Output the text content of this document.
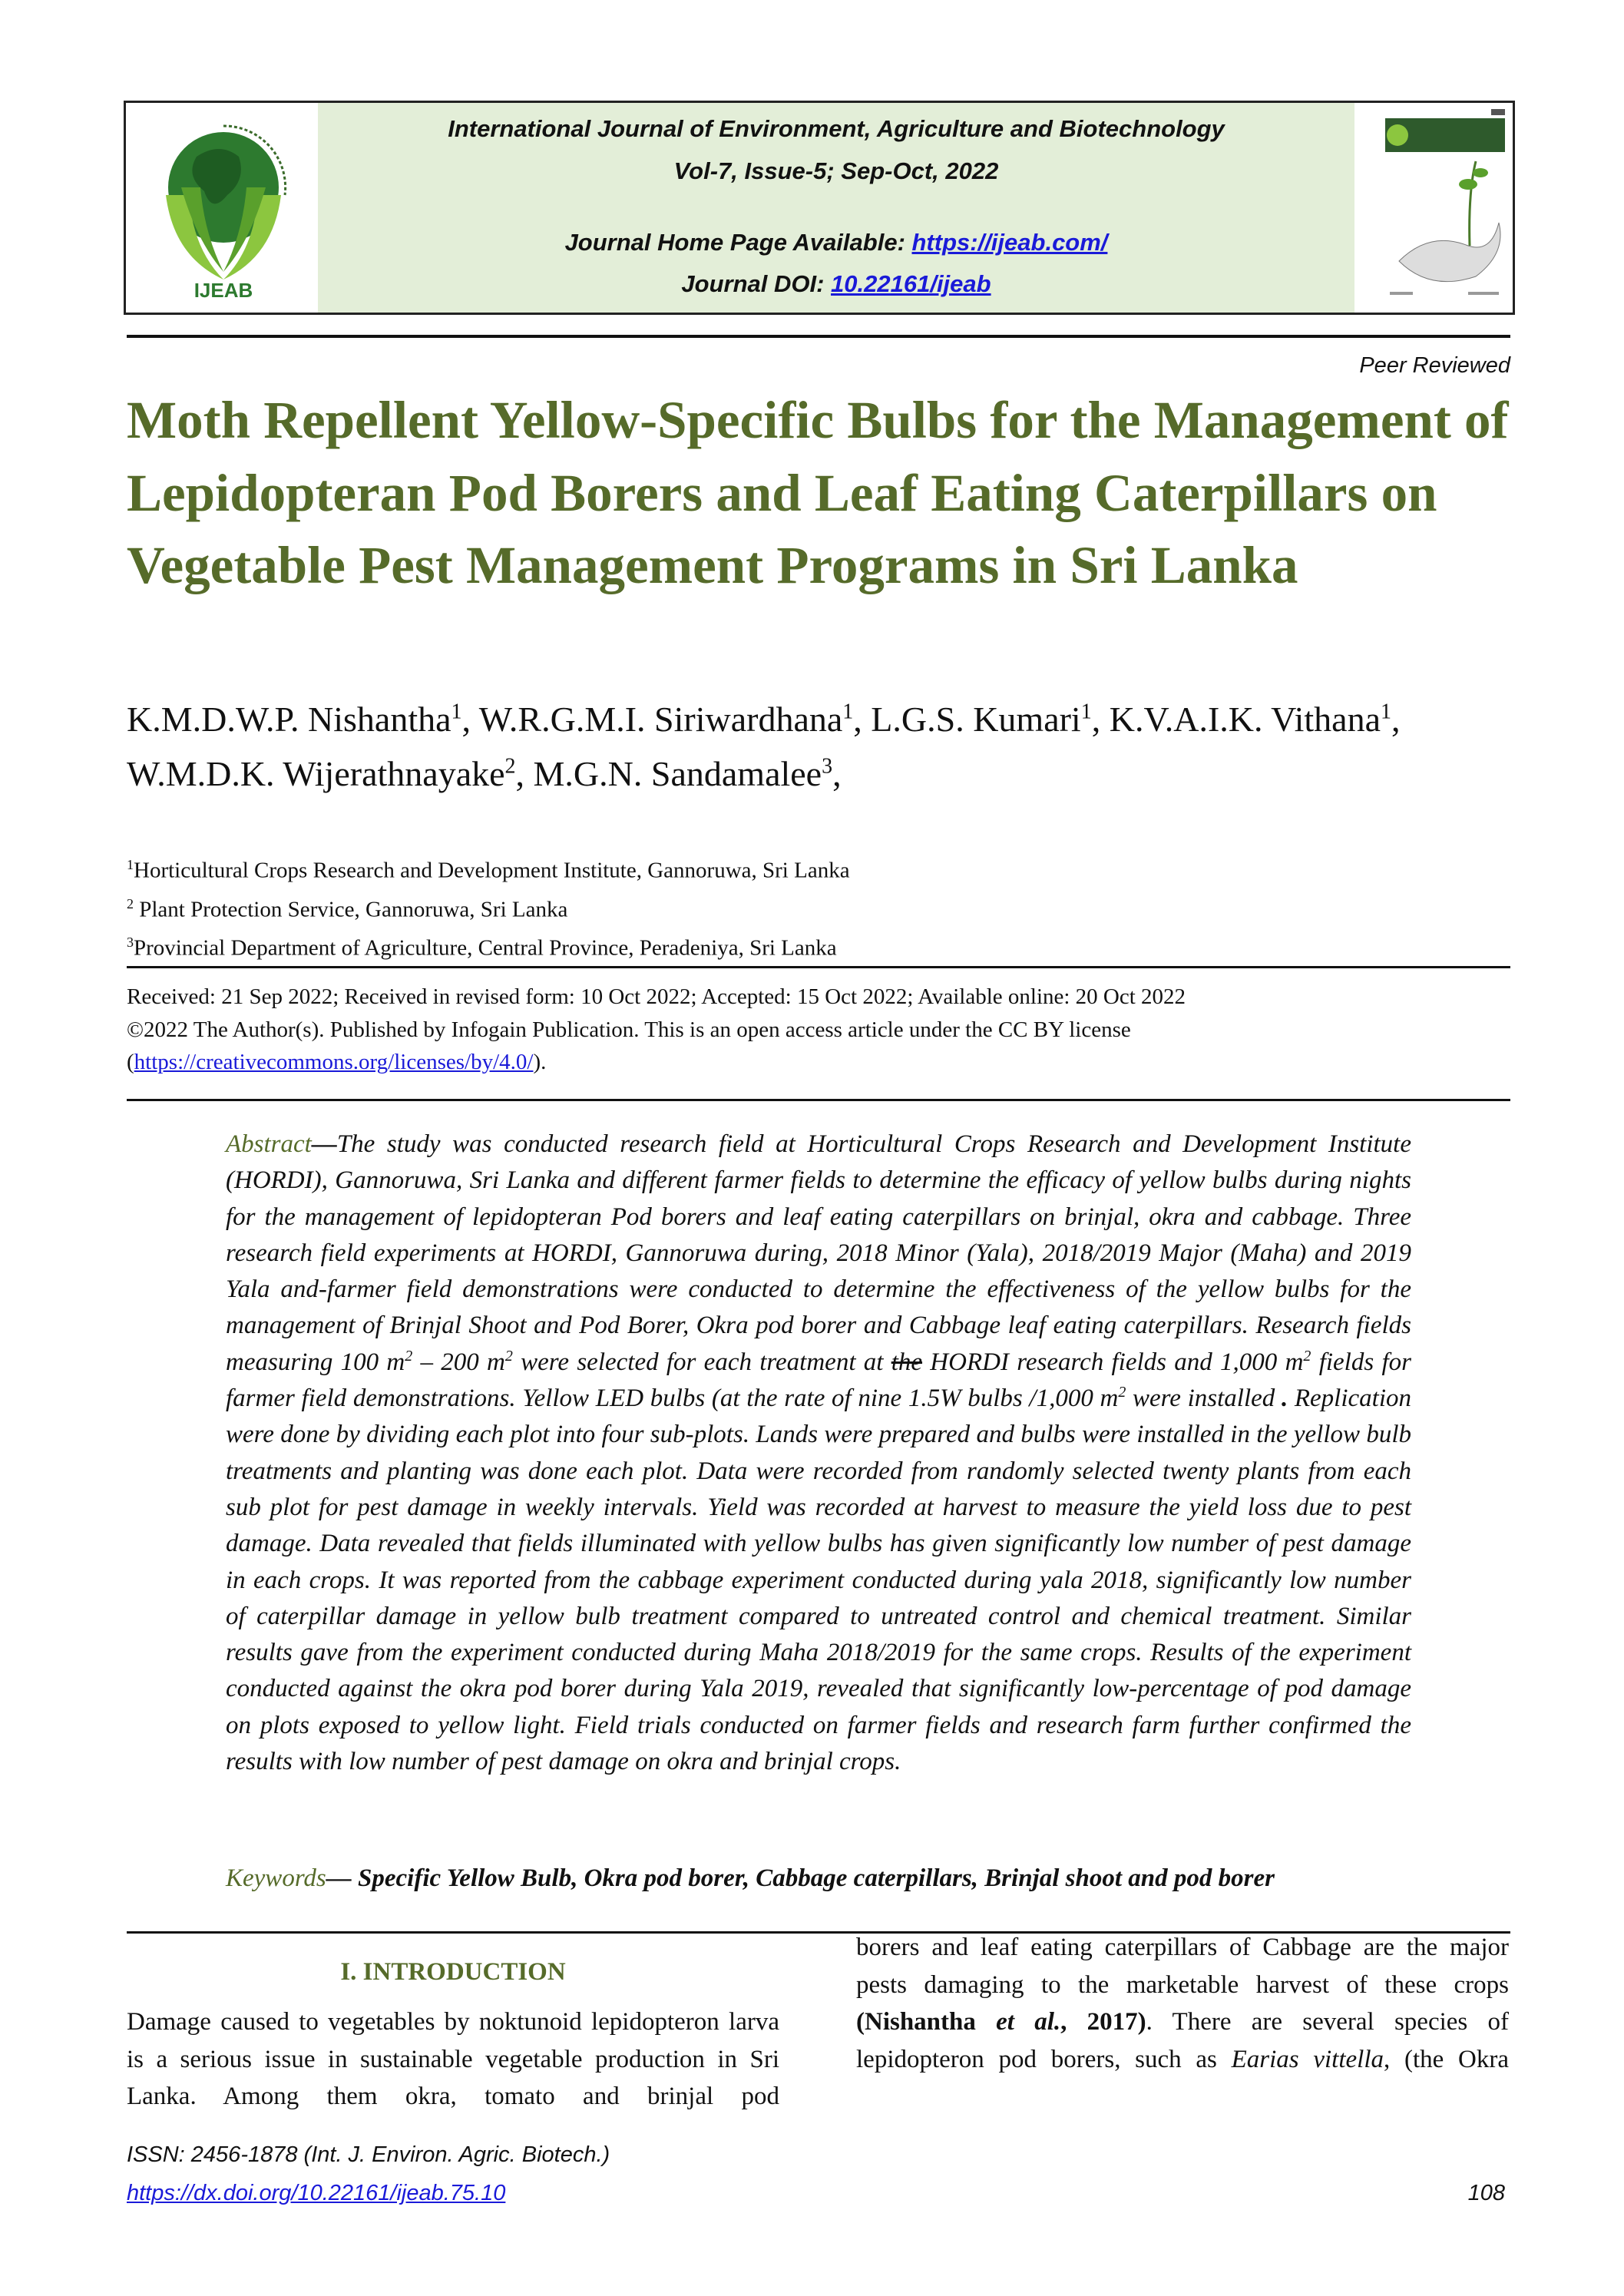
International Journal of Environment, Agriculture and Biotechnology
Vol-7, Issue-5; Sep-Oct, 2022
Journal Home Page Available: https://ijeab.com/
Journal DOI: 10.22161/ijeab
IJEAB
Peer Reviewed
Moth Repellent Yellow-Specific Bulbs for the Management of Lepidopteran Pod Borers and Leaf Eating Caterpillars on Vegetable Pest Management Programs in Sri Lanka
K.M.D.W.P. Nishantha$^1$, W.R.G.M.I. Siriwardhana$^1$, L.G.S. Kumari$^1$, K.V.A.I.K. Vithana$^1$, W.M.D.K. Wijerathnayake$^2$, M.G.N. Sandamalee$^3$,
$^1$Horticultural Crops Research and Development Institute, Gannoruwa, Sri Lanka
$^2$ Plant Protection Service, Gannoruwa, Sri Lanka
$^3$Provincial Department of Agriculture, Central Province, Peradeniya, Sri Lanka
Received: 21 Sep 2022; Received in revised form: 10 Oct 2022; Accepted: 15 Oct 2022; Available online: 20 Oct 2022
©2022 The Author(s). Published by Infogain Publication. This is an open access article under the CC BY license
(https://creativecommons.org/licenses/by/4.0/).
Abstract—The study was conducted research field at Horticultural Crops Research and Development Institute (HORDI), Gannoruwa, Sri Lanka and different farmer fields to determine the efficacy of yellow bulbs during nights for the management of lepidopteran Pod borers and leaf eating caterpillars on brinjal, okra and cabbage. Three research field experiments at HORDI, Gannoruwa during, 2018 Minor (Yala), 2018/2019 Major (Maha) and 2019 Yala and-farmer field demonstrations were conducted to determine the effectiveness of the yellow bulbs for the management of Brinjal Shoot and Pod Borer, Okra pod borer and Cabbage leaf eating caterpillars. Research fields measuring 100 $m^2 - 200$ $m^2$ were selected for each treatment at the HORDI research fields and 1,000 $m^2$ fields for farmer field demonstrations. Yellow LED bulbs (at the rate of nine 1.5W bulbs /1,000 $m^2$ were installed . Replication were done by dividing each plot into four sub-plots. Lands were prepared and bulbs were installed in the yellow bulb treatments and planting was done each plot. Data were recorded from randomly selected twenty plants from each sub plot for pest damage in weekly intervals. Yield was recorded at harvest to measure the yield loss due to pest damage. Data revealed that fields illuminated with yellow bulbs has given significantly low number of pest damage in each crops. It was reported from the cabbage experiment conducted during yala 2018, significantly low number of caterpillar damage in yellow bulb treatment compared to untreated control and chemical treatment. Similar results gave from the experiment conducted during Maha 2018/2019 for the same crops. Results of the experiment conducted against the okra pod borer during Yala 2019, revealed that significantly low-percentage of pod damage on plots exposed to yellow light. Field trials conducted on farmer fields and research farm further confirmed the results with low number of pest damage on okra and brinjal crops.
Keywords— Specific Yellow Bulb, Okra pod borer, Cabbage caterpillars, Brinjal shoot and pod borer
I. INTRODUCTION
Damage caused to vegetables by noktunoid lepidopteron larva is a serious issue in sustainable vegetable production in Sri Lanka. Among them okra, tomato and brinjal pod
borers and leaf eating caterpillars of Cabbage are the major pests damaging to the marketable harvest of these crops (Nishantha et al., 2017). There are several species of lepidopteron pod borers, such as Earias vittella, (the Okra
ISSN: 2456-1878 (Int. J. Environ. Agric. Biotech.)
https://dx.doi.org/10.22161/ijeab.75.10	108
